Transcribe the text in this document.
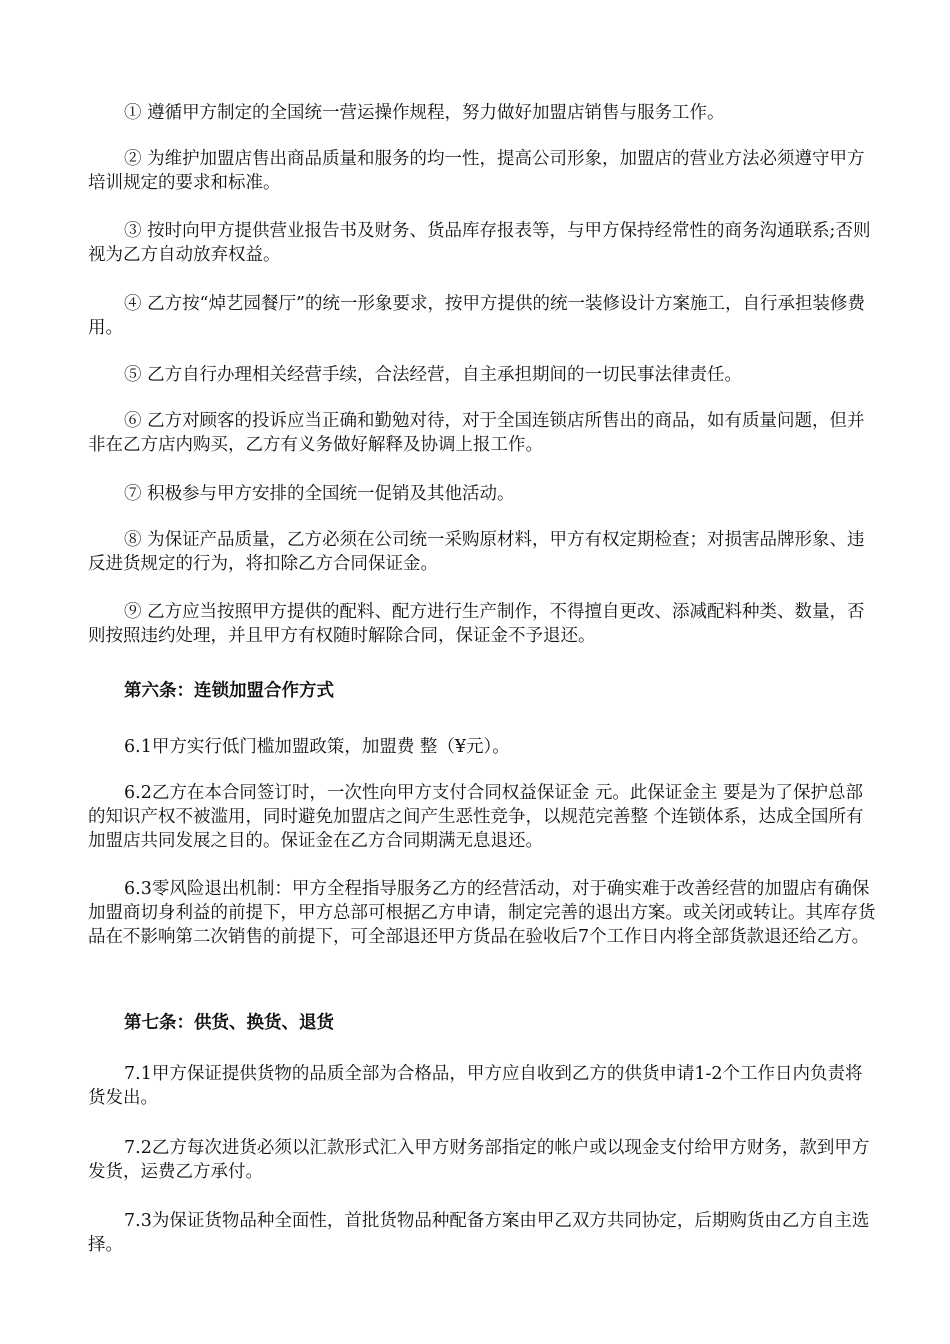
① 遵循甲方制定的全国统一营运操作规程，努力做好加盟店销售与服务工作。

② 为维护加盟店售出商品质量和服务的均一性，提高公司形象，加盟店的营业方法必须遵守甲方培训规定的要求和标准。

③ 按时向甲方提供营业报告书及财务、货品库存报表等，与甲方保持经常性的商务沟通联系;否则视为乙方自动放弃权益。

④ 乙方按“焯艺园餐厅”的统一形象要求，按甲方提供的统一装修设计方案施工，自行承担装修费用。

⑤ 乙方自行办理相关经营手续，合法经营，自主承担期间的一切民事法律责任。

⑥ 乙方对顾客的投诉应当正确和勤勉对待，对于全国连锁店所售出的商品，如有质量问题，但并非在乙方店内购买，乙方有义务做好解释及协调上报工作。

⑦ 积极参与甲方安排的全国统一促销及其他活动。

⑧ 为保证产品质量，乙方必须在公司统一采购原材料，甲方有权定期检查；对损害品牌形象、违反进货规定的行为，将扣除乙方合同保证金。

⑨ 乙方应当按照甲方提供的配料、配方进行生产制作，不得擅自更改、添减配料种类、数量，否则按照违约处理，并且甲方有权随时解除合同，保证金不予退还。

第六条：连锁加盟合作方式

6.1甲方实行低门槛加盟政策，加盟费 整（¥元）。

6.2乙方在本合同签订时，一次性向甲方支付合同权益保证金 元。此保证金主 要是为了保护总部的知识产权不被滥用，同时避免加盟店之间产生恶性竞争，以规范完善整 个连锁体系，达成全国所有加盟店共同发展之目的。保证金在乙方合同期满无息退还。

6.3零风险退出机制：甲方全程指导服务乙方的经营活动，对于确实难于改善经营的加盟店有确保加盟商切身利益的前提下，甲方总部可根据乙方申请，制定完善的退出方案。或关闭或转让。其库存货品在不影响第二次销售的前提下，可全部退还甲方货品在验收后7个工作日内将全部货款退还给乙方。

第七条：供货、换货、退货

7.1甲方保证提供货物的品质全部为合格品，甲方应自收到乙方的供货申请1-2个工作日内负责将货发出。

7.2乙方每次进货必须以汇款形式汇入甲方财务部指定的帐户或以现金支付给甲方财务，款到甲方发货，运费乙方承付。

7.3为保证货物品种全面性，首批货物品种配备方案由甲乙双方共同协定，后期购货由乙方自主选择。
